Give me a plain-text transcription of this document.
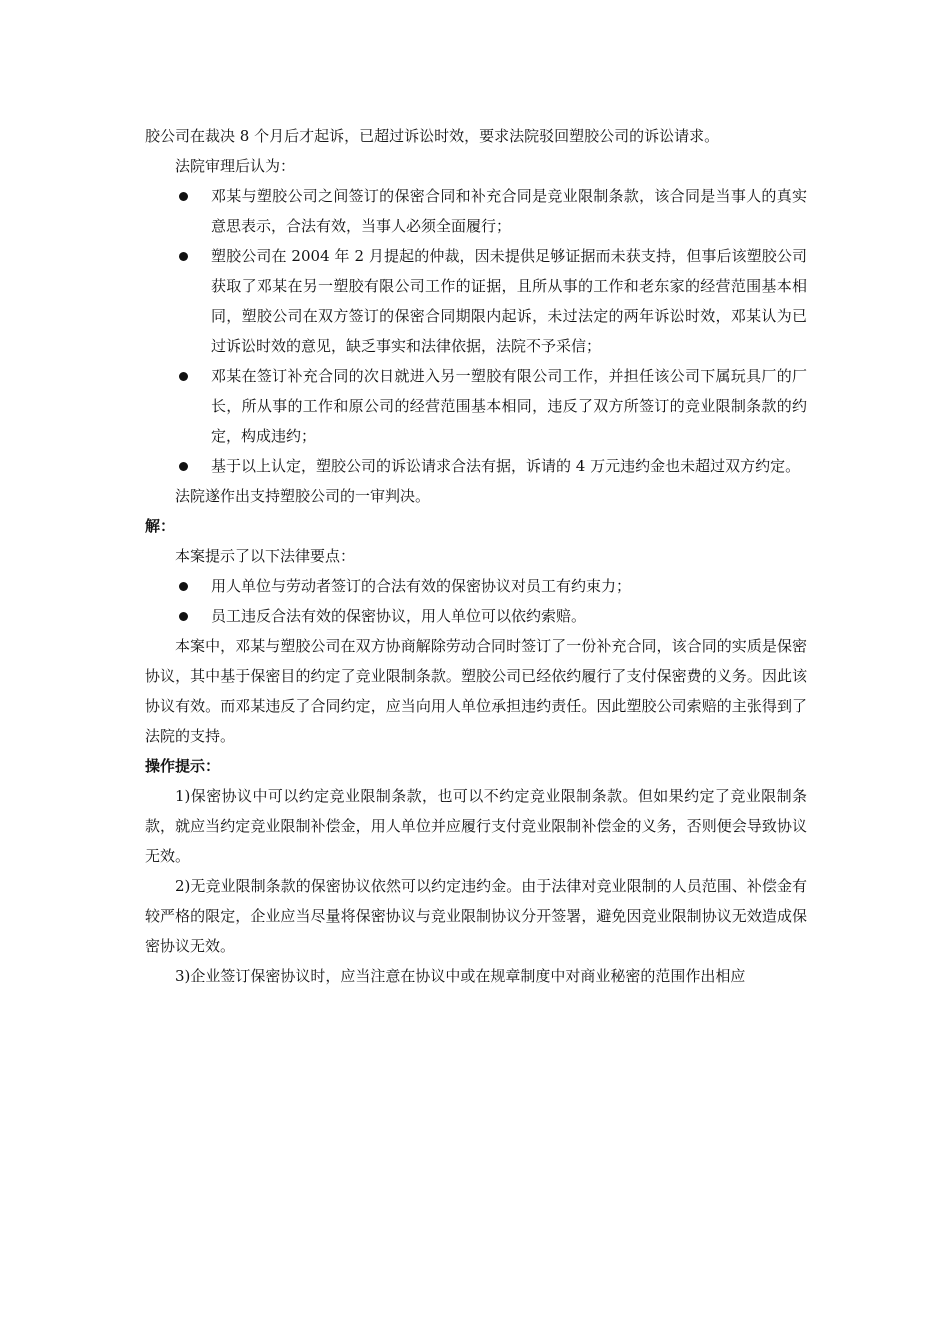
胶公司在裁决 8 个月后才起诉，已超过诉讼时效，要求法院驳回塑胶公司的诉讼请求。

法院审理后认为：

邓某与塑胶公司之间签订的保密合同和补充合同是竞业限制条款，该合同是当事人的真实意思表示，合法有效，当事人必须全面履行；
塑胶公司在 2004 年 2 月提起的仲裁，因未提供足够证据而未获支持，但事后该塑胶公司获取了邓某在另一塑胶有限公司工作的证据，且所从事的工作和老东家的经营范围基本相同，塑胶公司在双方签订的保密合同期限内起诉，未过法定的两年诉讼时效，邓某认为已过诉讼时效的意见，缺乏事实和法律依据，法院不予采信；
邓某在签订补充合同的次日就进入另一塑胶有限公司工作，并担任该公司下属玩具厂的厂长，所从事的工作和原公司的经营范围基本相同，违反了双方所签订的竞业限制条款的约定，构成违约；
基于以上认定，塑胶公司的诉讼请求合法有据，诉请的 4 万元违约金也未超过双方约定。

法院遂作出支持塑胶公司的一审判决。

解：

本案提示了以下法律要点：

用人单位与劳动者签订的合法有效的保密协议对员工有约束力；
员工违反合法有效的保密协议，用人单位可以依约索赔。

本案中，邓某与塑胶公司在双方协商解除劳动合同时签订了一份补充合同，该合同的实质是保密协议，其中基于保密目的约定了竞业限制条款。塑胶公司已经依约履行了支付保密费的义务。因此该协议有效。而邓某违反了合同约定，应当向用人单位承担违约责任。因此塑胶公司索赔的主张得到了法院的支持。

操作提示：

1)保密协议中可以约定竞业限制条款，也可以不约定竞业限制条款。但如果约定了竞业限制条款，就应当约定竞业限制补偿金，用人单位并应履行支付竞业限制补偿金的义务，否则便会导致协议无效。

2)无竞业限制条款的保密协议依然可以约定违约金。由于法律对竞业限制的人员范围、补偿金有较严格的限定，企业应当尽量将保密协议与竞业限制协议分开签署，避免因竞业限制协议无效造成保密协议无效。

3)企业签订保密协议时，应当注意在协议中或在规章制度中对商业秘密的范围作出相应
